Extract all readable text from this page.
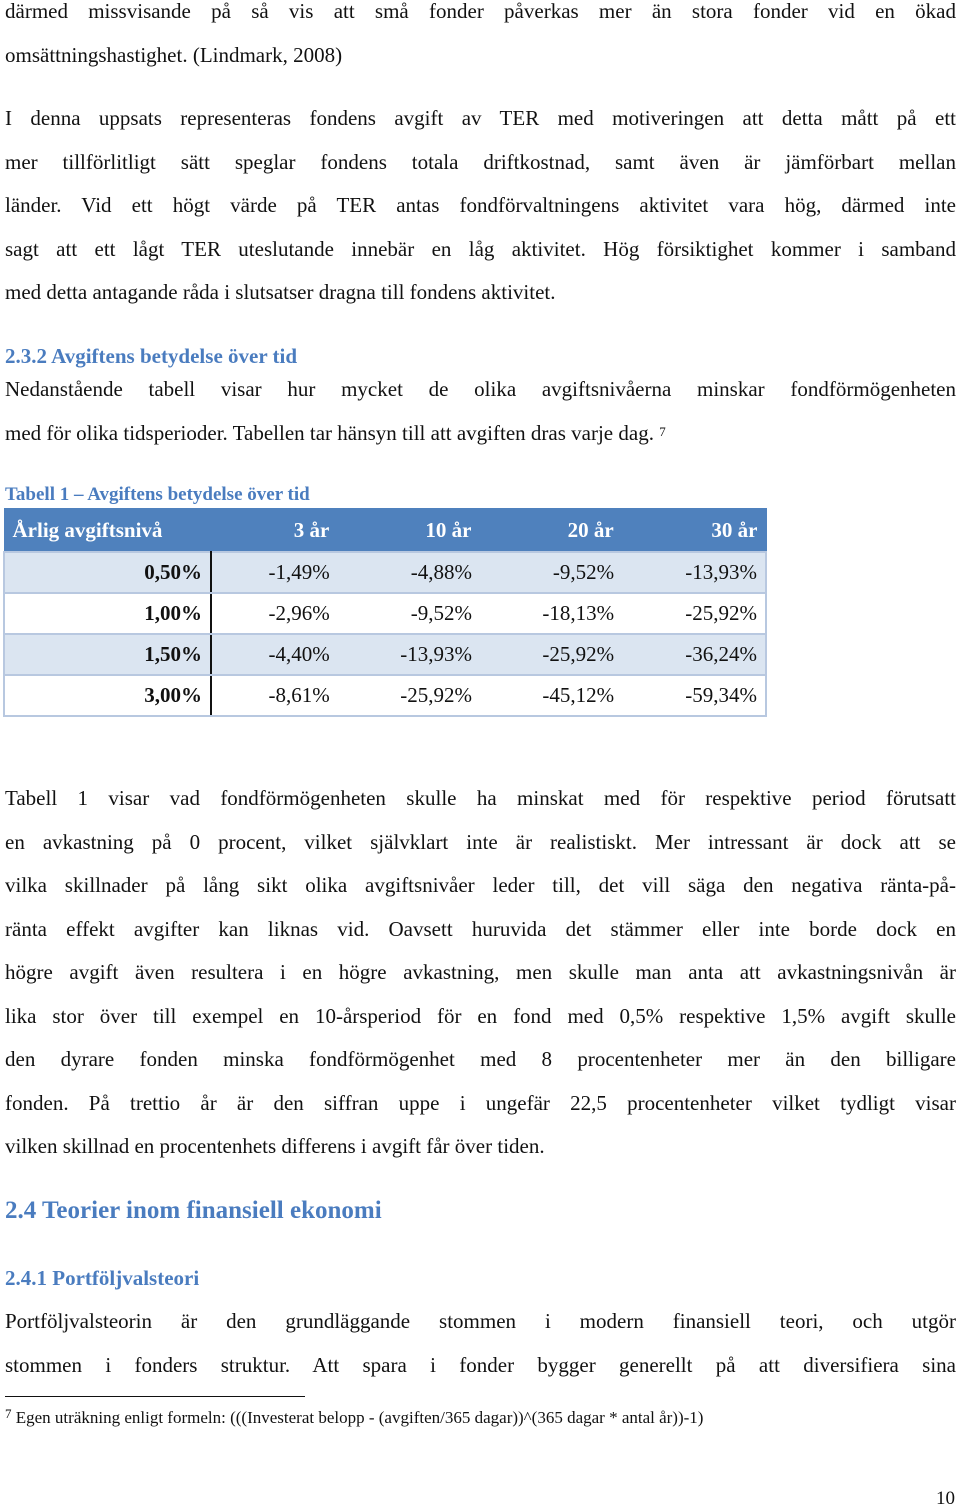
därmed missvisande på så vis att små fonder påverkas mer än stora fonder vid en ökad
omsättningshastighet. (Lindmark, 2008)
I denna uppsats representeras fondens avgift av TER med motiveringen att detta mått på ett
mer tillförlitligt sätt speglar fondens totala driftkostnad, samt även är jämförbart mellan
länder. Vid ett högt värde på TER antas fondförvaltningens aktivitet vara hög, därmed inte
sagt att ett lågt TER uteslutande innebär en låg aktivitet. Hög försiktighet kommer i samband
med detta antagande råda i slutsatser dragna till fondens aktivitet.
2.3.2 Avgiftens betydelse över tid
Nedanstående tabell visar hur mycket de olika avgiftsnivåerna minskar fondförmögenheten
med för olika tidsperioder. Tabellen tar hänsyn till att avgiften dras varje dag. $^7$
Tabell 1 – Avgiftens betydelse över tid
Årlig avgiftsnivå	3 år	10 år	20 år	30 år
0,50%	-1,49%	-4,88%	-9,52%	-13,93%
1,00%	-2,96%	-9,52%	-18,13%	-25,92%
1,50%	-4,40%	-13,93%	-25,92%	-36,24%
3,00%	-8,61%	-25,92%	-45,12%	-59,34%
Tabell 1 visar vad fondförmögenheten skulle ha minskat med för respektive period förutsatt
en avkastning på 0 procent, vilket självklart inte är realistiskt. Mer intressant är dock att se
vilka skillnader på lång sikt olika avgiftsnivåer leder till, det vill säga den negativa ränta-på-
ränta effekt avgifter kan liknas vid. Oavsett huruvida det stämmer eller inte borde dock en
högre avgift även resultera i en högre avkastning, men skulle man anta att avkastningsnivån är
lika stor över till exempel en 10-årsperiod för en fond med 0,5% respektive 1,5% avgift skulle
den dyrare fonden minska fondförmögenhet med 8 procentenheter mer än den billigare
fonden. På trettio år är den siffran uppe i ungefär 22,5 procentenheter vilket tydligt visar
vilken skillnad en procentenhets differens i avgift får över tiden.
2.4 Teorier inom finansiell ekonomi
2.4.1 Portföljvalsteori
Portföljvalsteorin är den grundläggande stommen i modern finansiell teori, och utgör
stommen i fonders struktur. Att spara i fonder bygger generellt på att diversifiera sina
$^7$ Egen uträkning enligt formeln: (((Investerat belopp - (avgiften/365 dagar))^(365 dagar * antal år))-1)
10
